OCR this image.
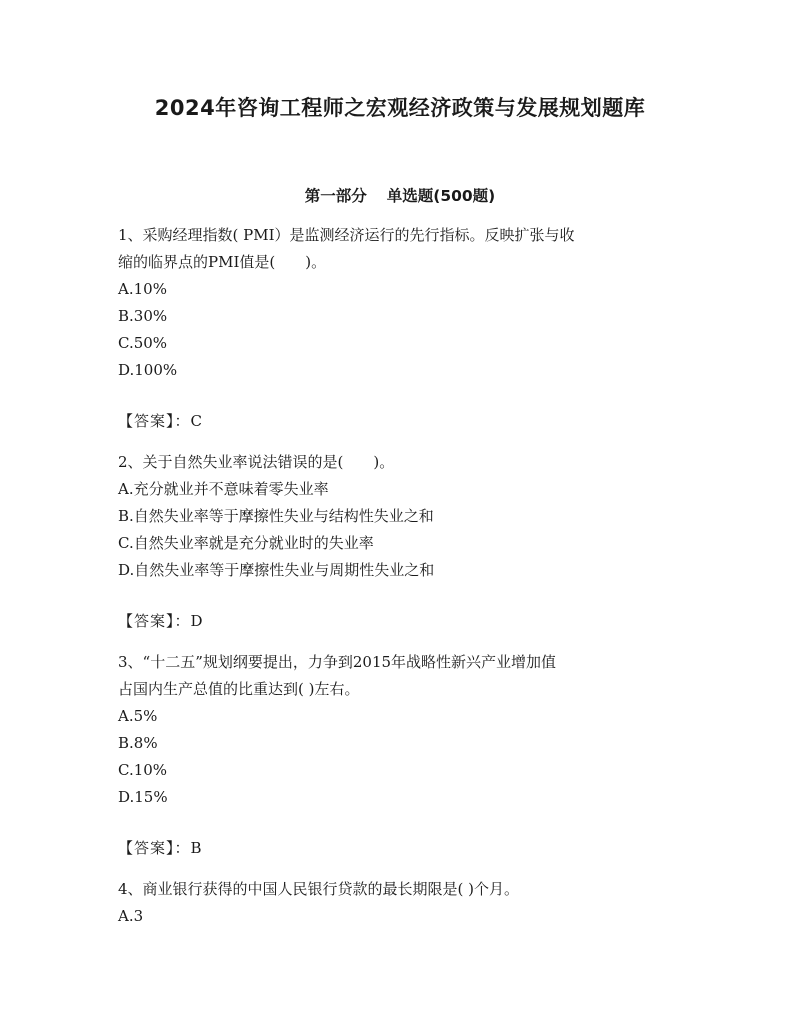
2024年咨询工程师之宏观经济政策与发展规划题库
第一部分 单选题(500题)

1、采购经理指数( PMI）是监测经济运行的先行指标。反映扩张与收

缩的临界点的PMI值是(　　)。

A.10%

B.30%

C.50%

D.100%

【答案】：C

2、关于自然失业率说法错误的是(　　)。

A.充分就业并不意味着零失业率

B.自然失业率等于摩擦性失业与结构性失业之和

C.自然失业率就是充分就业时的失业率

D.自然失业率等于摩擦性失业与周期性失业之和

【答案】：D

3、“十二五”规划纲要提出，力争到2015年战略性新兴产业增加值

占国内生产总值的比重达到( )左右。

A.5%

B.8%

C.10%

D.15%

【答案】：B

4、商业银行获得的中国人民银行贷款的最长期限是( )个月。

A.3
